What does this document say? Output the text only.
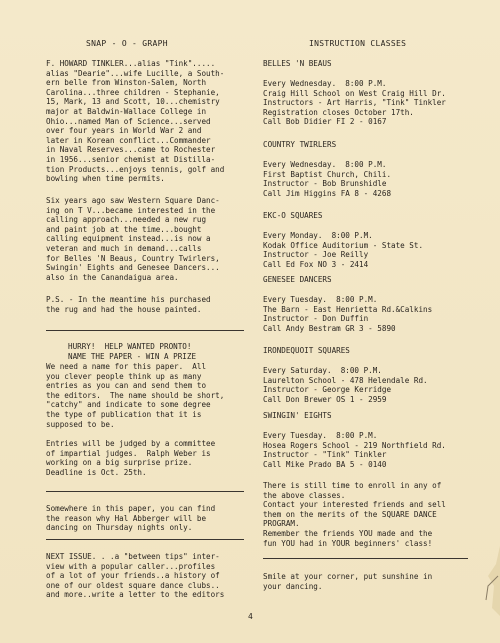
SNAP - O - GRAPH
F. HOWARD TINKLER...alias "Tink".....
alias "Dearie"...wife Lucille, a South-
ern belle from Winston-Salem, North
Carolina...three children - Stephanie,
15, Mark, 13 and Scott, 10...chemistry
major at Baldwin-Wallace College in
Ohio...named Man of Science...served
over four years in World War 2 and
later in Korean conflict...Commander
in Naval Reserves...came to Rochester
in 1956...senior chemist at Distilla-
tion Products...enjoys tennis, golf and
bowling when time permits.
Six years ago saw Western Square Danc-
ing on T V...became interested in the
calling approach...needed a new rug
and paint job at the time...bought
calling equipment instead...is now a
veteran and much in demand...calls
for Belles 'N Beaus, Country Twirlers,
Swingin' Eights and Genesee Dancers...
also in the Canandaigua area.
P.S. - In the meantime his purchased
the rug and had the house painted.
HURRY!  HELP WANTED PRONTO!
NAME THE PAPER - WIN A PRIZE
We need a name for this paper.  All
you clever people think up as many
entries as you can and send them to
the editors.  The name should be short,
"catchy" and indicate to some degree
the type of publication that it is
supposed to be.
Entries will be judged by a committee
of impartial judges.  Ralph Weber is
working on a big surprise prize.
Deadline is Oct. 25th.
Somewhere in this paper, you can find
the reason why Hal Abberger will be
dancing on Thursday nights only.
NEXT ISSUE. . .a "between tips" inter-
view with a popular caller...profiles
of a lot of your friends..a history of
one of our oldest square dance clubs..
and more..write a letter to the editors
INSTRUCTION CLASSES
BELLES 'N BEAUS
Every Wednesday.  8:00 P.M.
Craig Hill School on West Craig Hill Dr.
Instructors - Art Harris, "Tink" Tinkler
Registration closes October 17th.
Call Bob Didier FI 2 - 0167
COUNTRY TWIRLERS
Every Wednesday.  8:00 P.M.
First Baptist Church, Chili.
Instructor - Bob Brunshidle
Call Jim Higgins FA 8 - 4268
EKC-O SQUARES
Every Monday.  8:00 P.M.
Kodak Office Auditorium - State St.
Instructor - Joe Reilly
Call Ed Fox NO 3 - 2414
GENESEE DANCERS
Every Tuesday.  8:00 P.M.
The Barn - East Henrietta Rd.&Calkins
Instructor - Don Duffin
Call Andy Bestram GR 3 - 5890
IRONDEQUOIT SQUARES
Every Saturday.  8:00 P.M.
Laurelton School - 478 Helendale Rd.
Instructor - George Kerridge
Call Don Brewer OS 1 - 2959
SWINGIN' EIGHTS
Every Tuesday.  8:00 P.M.
Hosea Rogers School - 219 Northfield Rd.
Instructor - "Tink" Tinkler
Call Mike Prado BA 5 - 0140
There is still time to enroll in any of
the above classes.
Contact your interested friends and sell
them on the merits of the SQUARE DANCE
PROGRAM.
Remember the friends YOU made and the
fun YOU had in YOUR beginners' class!
Smile at your corner, put sunshine in
your dancing.
4
